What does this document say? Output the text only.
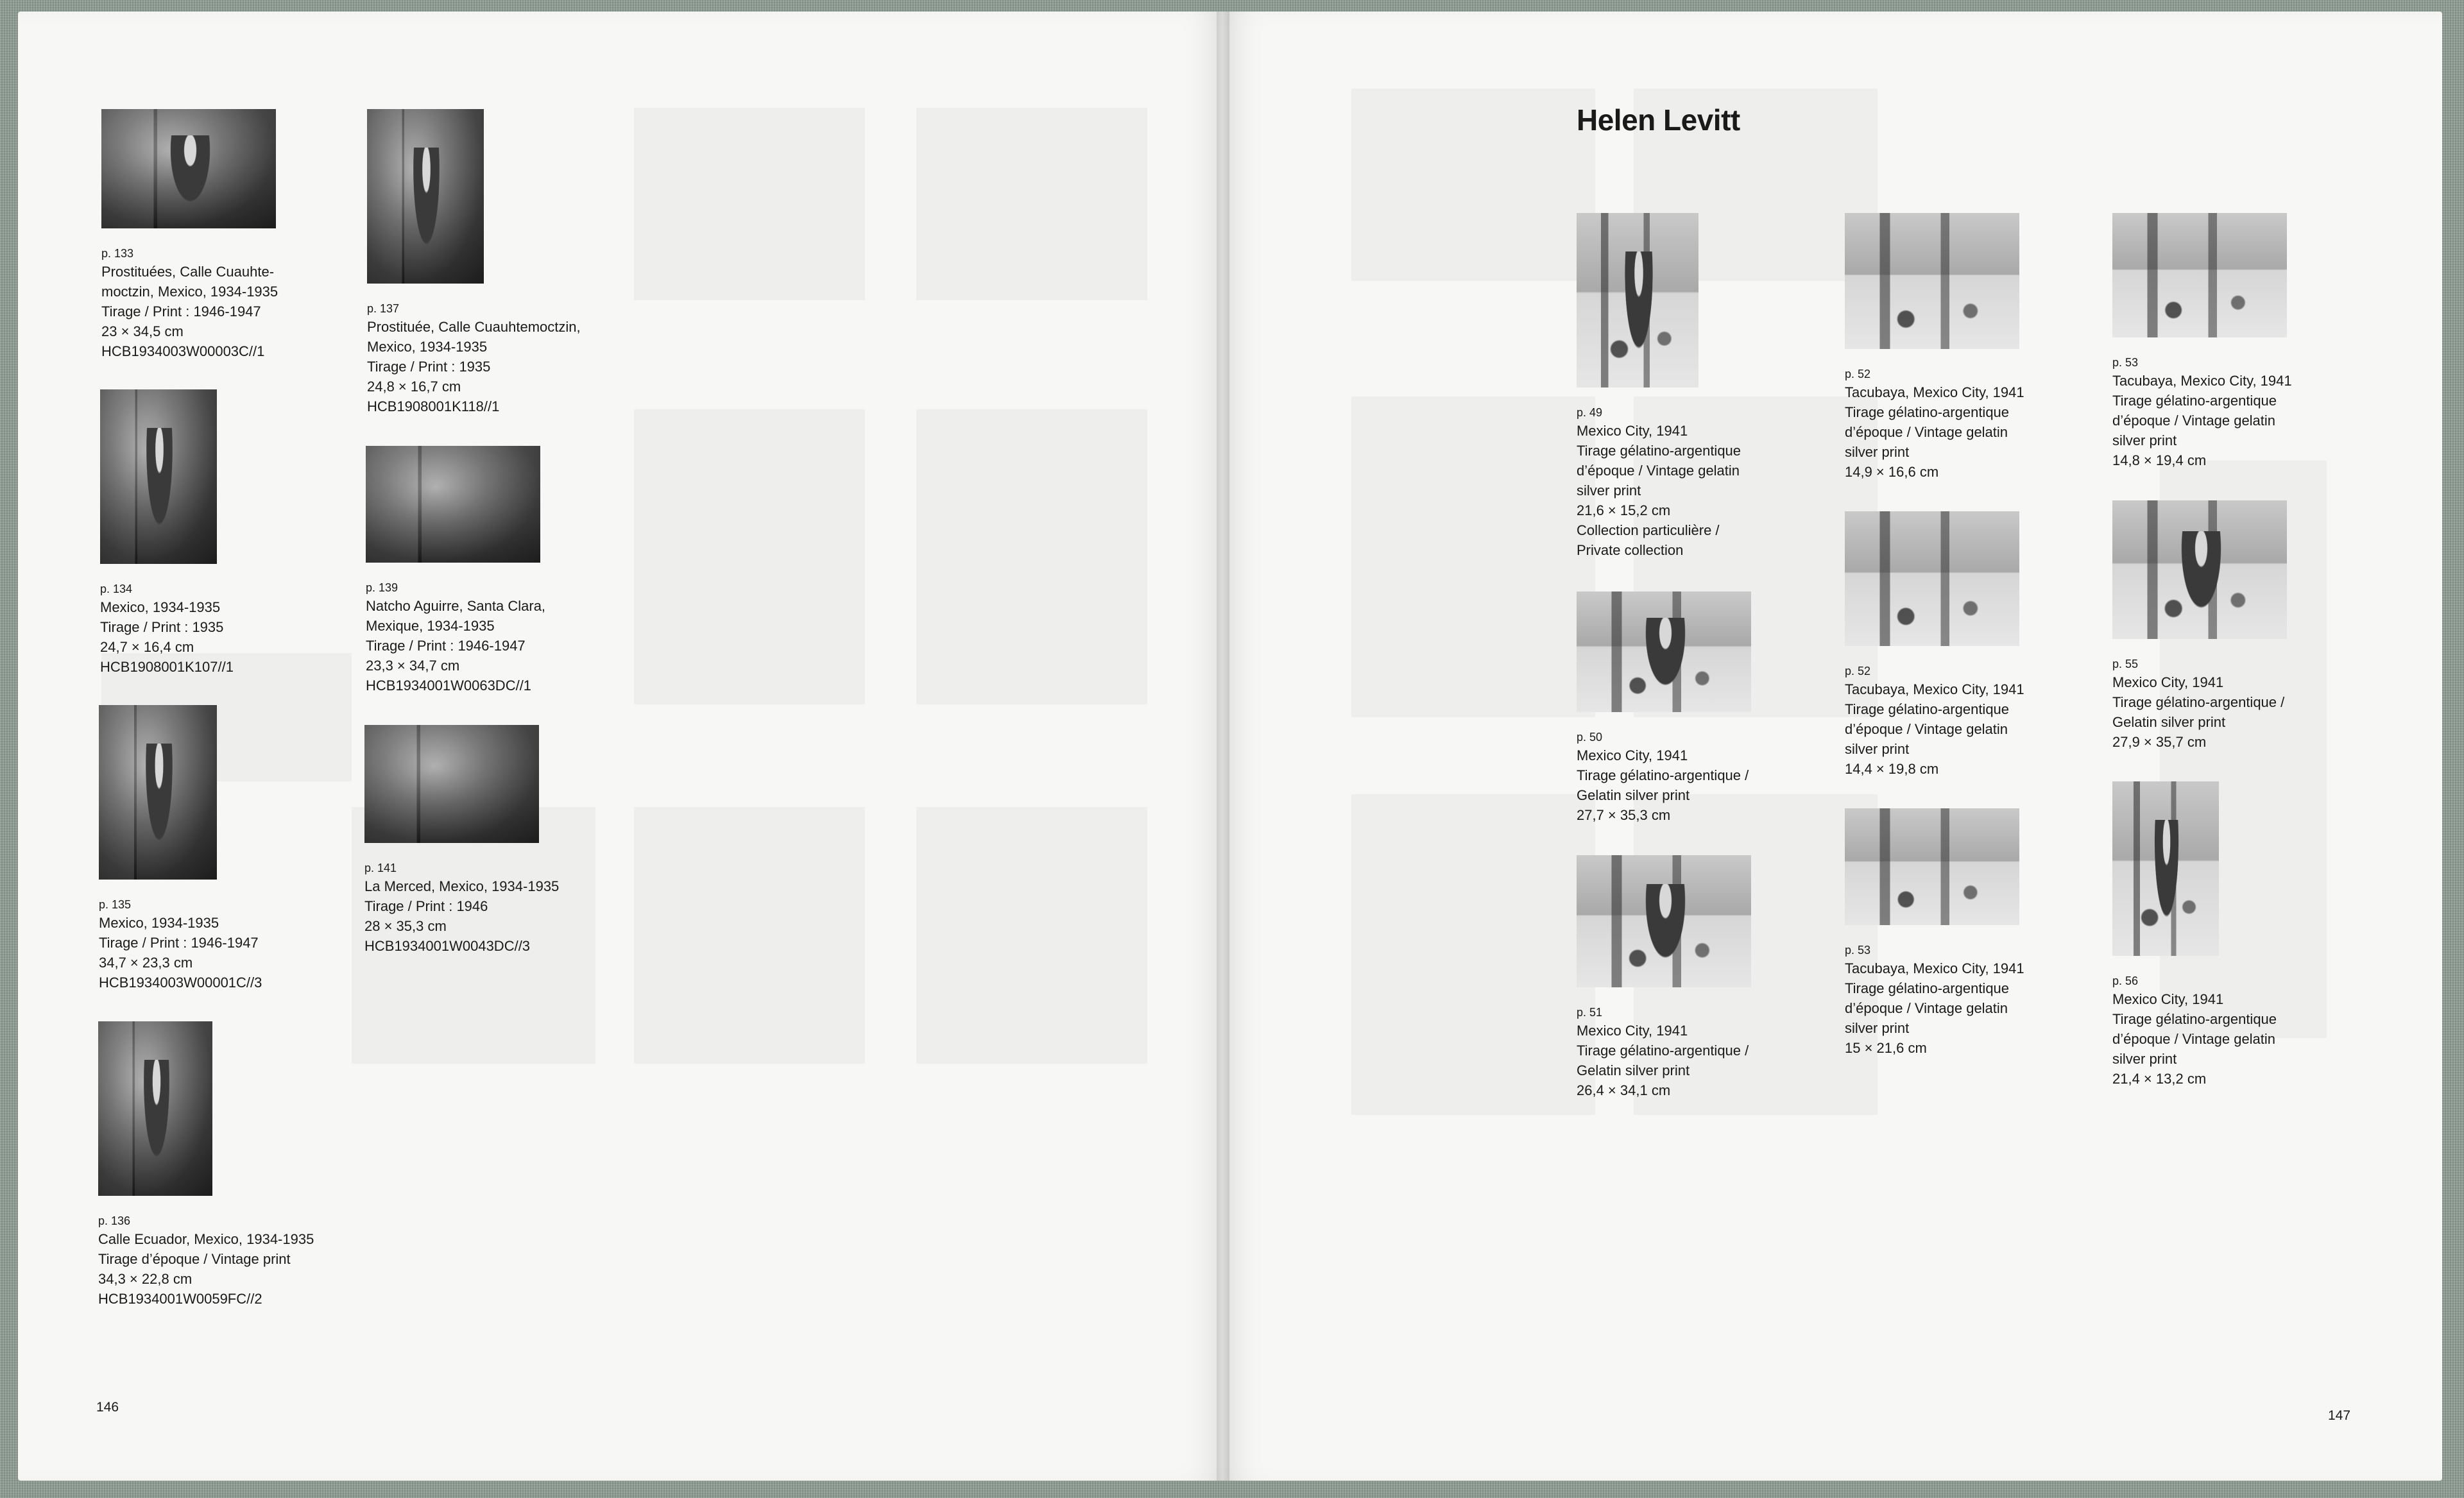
p. 133
Prostituées, Calle Cuauhte-
moctzin, Mexico, 1934-1935
Tirage / Print : 1946-1947
23 × 34,5 cm
HCB1934003W00003C//1
p. 134
Mexico, 1934-1935
Tirage / Print : 1935
24,7 × 16,4 cm
HCB1908001K107//1
p. 135
Mexico, 1934-1935
Tirage / Print : 1946-1947
34,7 × 23,3 cm
HCB1934003W00001C//3
p. 136
Calle Ecuador, Mexico, 1934-1935
Tirage d’époque / Vintage print
34,3 × 22,8 cm
HCB1934001W0059FC//2
p. 137
Prostituée, Calle Cuauhtemoctzin,
Mexico, 1934-1935
Tirage / Print : 1935
24,8 × 16,7 cm
HCB1908001K118//1
p. 139
Natcho Aguirre, Santa Clara,
Mexique, 1934-1935
Tirage / Print : 1946-1947
23,3 × 34,7 cm
HCB1934001W0063DC//1
p. 141
La Merced, Mexico, 1934-1935
Tirage / Print : 1946
28 × 35,3 cm
HCB1934001W0043DC//3
146
Helen Levitt
p. 49
Mexico City, 1941
Tirage gélatino-argentique
d’époque / Vintage gelatin
silver print
21,6 × 15,2 cm
Collection particulière /
Private collection
p. 50
Mexico City, 1941
Tirage gélatino-argentique /
Gelatin silver print
27,7 × 35,3 cm
p. 51
Mexico City, 1941
Tirage gélatino-argentique /
Gelatin silver print
26,4 × 34,1 cm
p. 52
Tacubaya, Mexico City, 1941
Tirage gélatino-argentique
d’époque / Vintage gelatin
silver print
14,9 × 16,6 cm
p. 52
Tacubaya, Mexico City, 1941
Tirage gélatino-argentique
d’époque / Vintage gelatin
silver print
14,4 × 19,8 cm
p. 53
Tacubaya, Mexico City, 1941
Tirage gélatino-argentique
d’époque / Vintage gelatin
silver print
15 × 21,6 cm
p. 53
Tacubaya, Mexico City, 1941
Tirage gélatino-argentique
d’époque / Vintage gelatin
silver print
14,8 × 19,4 cm
p. 55
Mexico City, 1941
Tirage gélatino-argentique /
Gelatin silver print
27,9 × 35,7 cm
p. 56
Mexico City, 1941
Tirage gélatino-argentique
d’époque / Vintage gelatin
silver print
21,4 × 13,2 cm
147
